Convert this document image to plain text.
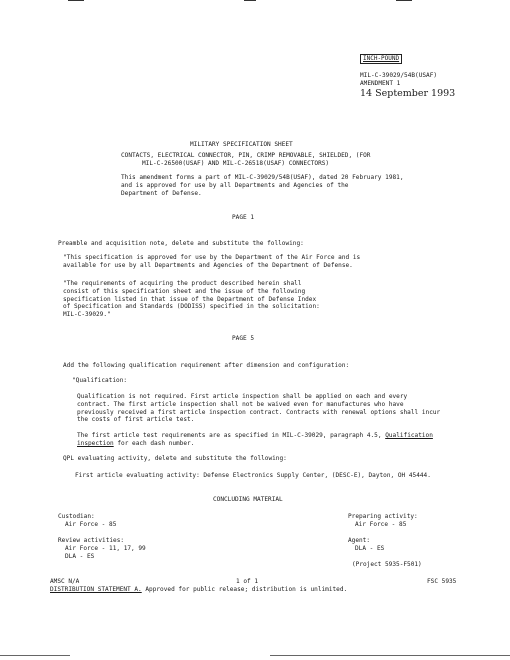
INCH-POUND
MIL-C-39029/54B(USAF)
AMENDMENT 1
14 September 1993
MILITARY SPECIFICATION SHEET
CONTACTS, ELECTRICAL CONNECTOR, PIN, CRIMP REMOVABLE, SHIELDED, (FOR
MIL-C-26500(USAF) AND MIL-C-26518(USAF) CONNECTORS)
This amendment forms a part of MIL-C-39029/54B(USAF), dated 20 February 1981,
and is approved for use by all Departments and Agencies of the
Department of Defense.
PAGE 1
Preamble and acquisition note, delete and substitute the following:
"This specification is approved for use by the Department of the Air Force and is
available for use by all Departments and Agencies of the Department of Defense.
"The requirements of acquiring the product described herein shall
consist of this specification sheet and the issue of the following
specification listed in that issue of the Department of Defense Index
of Specification and Standards (DODISS) specified in the solicitation:
MIL-C-39029."
PAGE 5
Add the following qualification requirement after dimension and configuration:
"Qualification:
Qualification is not required. First article inspection shall be applied on each and every
contract. The first article inspection shall not be waived even for manufactures who have
previously received a first article inspection contract. Contracts with renewal options shall incur
the costs of first article test.
The first article test requirements are as specified in MIL-C-39029, paragraph 4.5, Qualification
inspection for each dash number.
QPL evaluating activity, delete and substitute the following:
First article evaluating activity: Defense Electronics Supply Center, (DESC-E), Dayton, OH 45444.
CONCLUDING MATERIAL
Custodian:
Air Force - 85
Preparing activity:
Air Force - 85
Review activities:
Air Force - 11, 17, 99
DLA - ES
Agent:
DLA - ES
(Project 5935-F501)
AMSC N/A	1 of 1	FSC 5935
DISTRIBUTION STATEMENT A. Approved for public release; distribution is unlimited.
